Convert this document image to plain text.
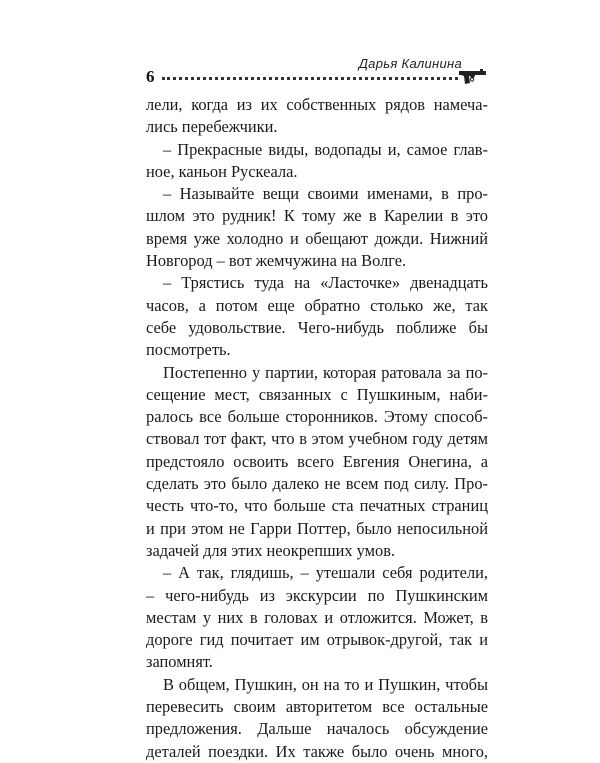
Дарья Калинина
6
лели, когда из их собственных рядов намеча-
лись перебежчики.
– Прекрасные виды, водопады и, самое глав-
ное, каньон Рускеала.
– Называйте вещи своими именами, в про-
шлом это рудник! К тому же в Карелии в это
время уже холодно и обещают дожди. Нижний
Новгород – вот жемчужина на Волге.
– Трястись туда на «Ласточке» двенадцать
часов, а потом еще обратно столько же, так
себе удовольствие. Чего-нибудь поближе бы
посмотреть.
Постепенно у партии, которая ратовала за по-
сещение мест, связанных с Пушкиным, наби-
ралось все больше сторонников. Этому способ-
ствовал тот факт, что в этом учебном году детям
предстояло освоить всего Евгения Онегина, а
сделать это было далеко не всем под силу. Про-
честь что-то, что больше ста печатных страниц
и при этом не Гарри Поттер, было непосильной
задачей для этих неокрепших умов.
– А так, глядишь, – утешали себя родители,
– чего-нибудь из экскурсии по Пушкинским
местам у них в головах и отложится. Может, в
дороге гид почитает им отрывок-другой, так и
запомнят.
В общем, Пушкин, он на то и Пушкин, чтобы
перевесить своим авторитетом все остальные
предложения. Дальше началось обсуждение
деталей поездки. Их также было очень много,
